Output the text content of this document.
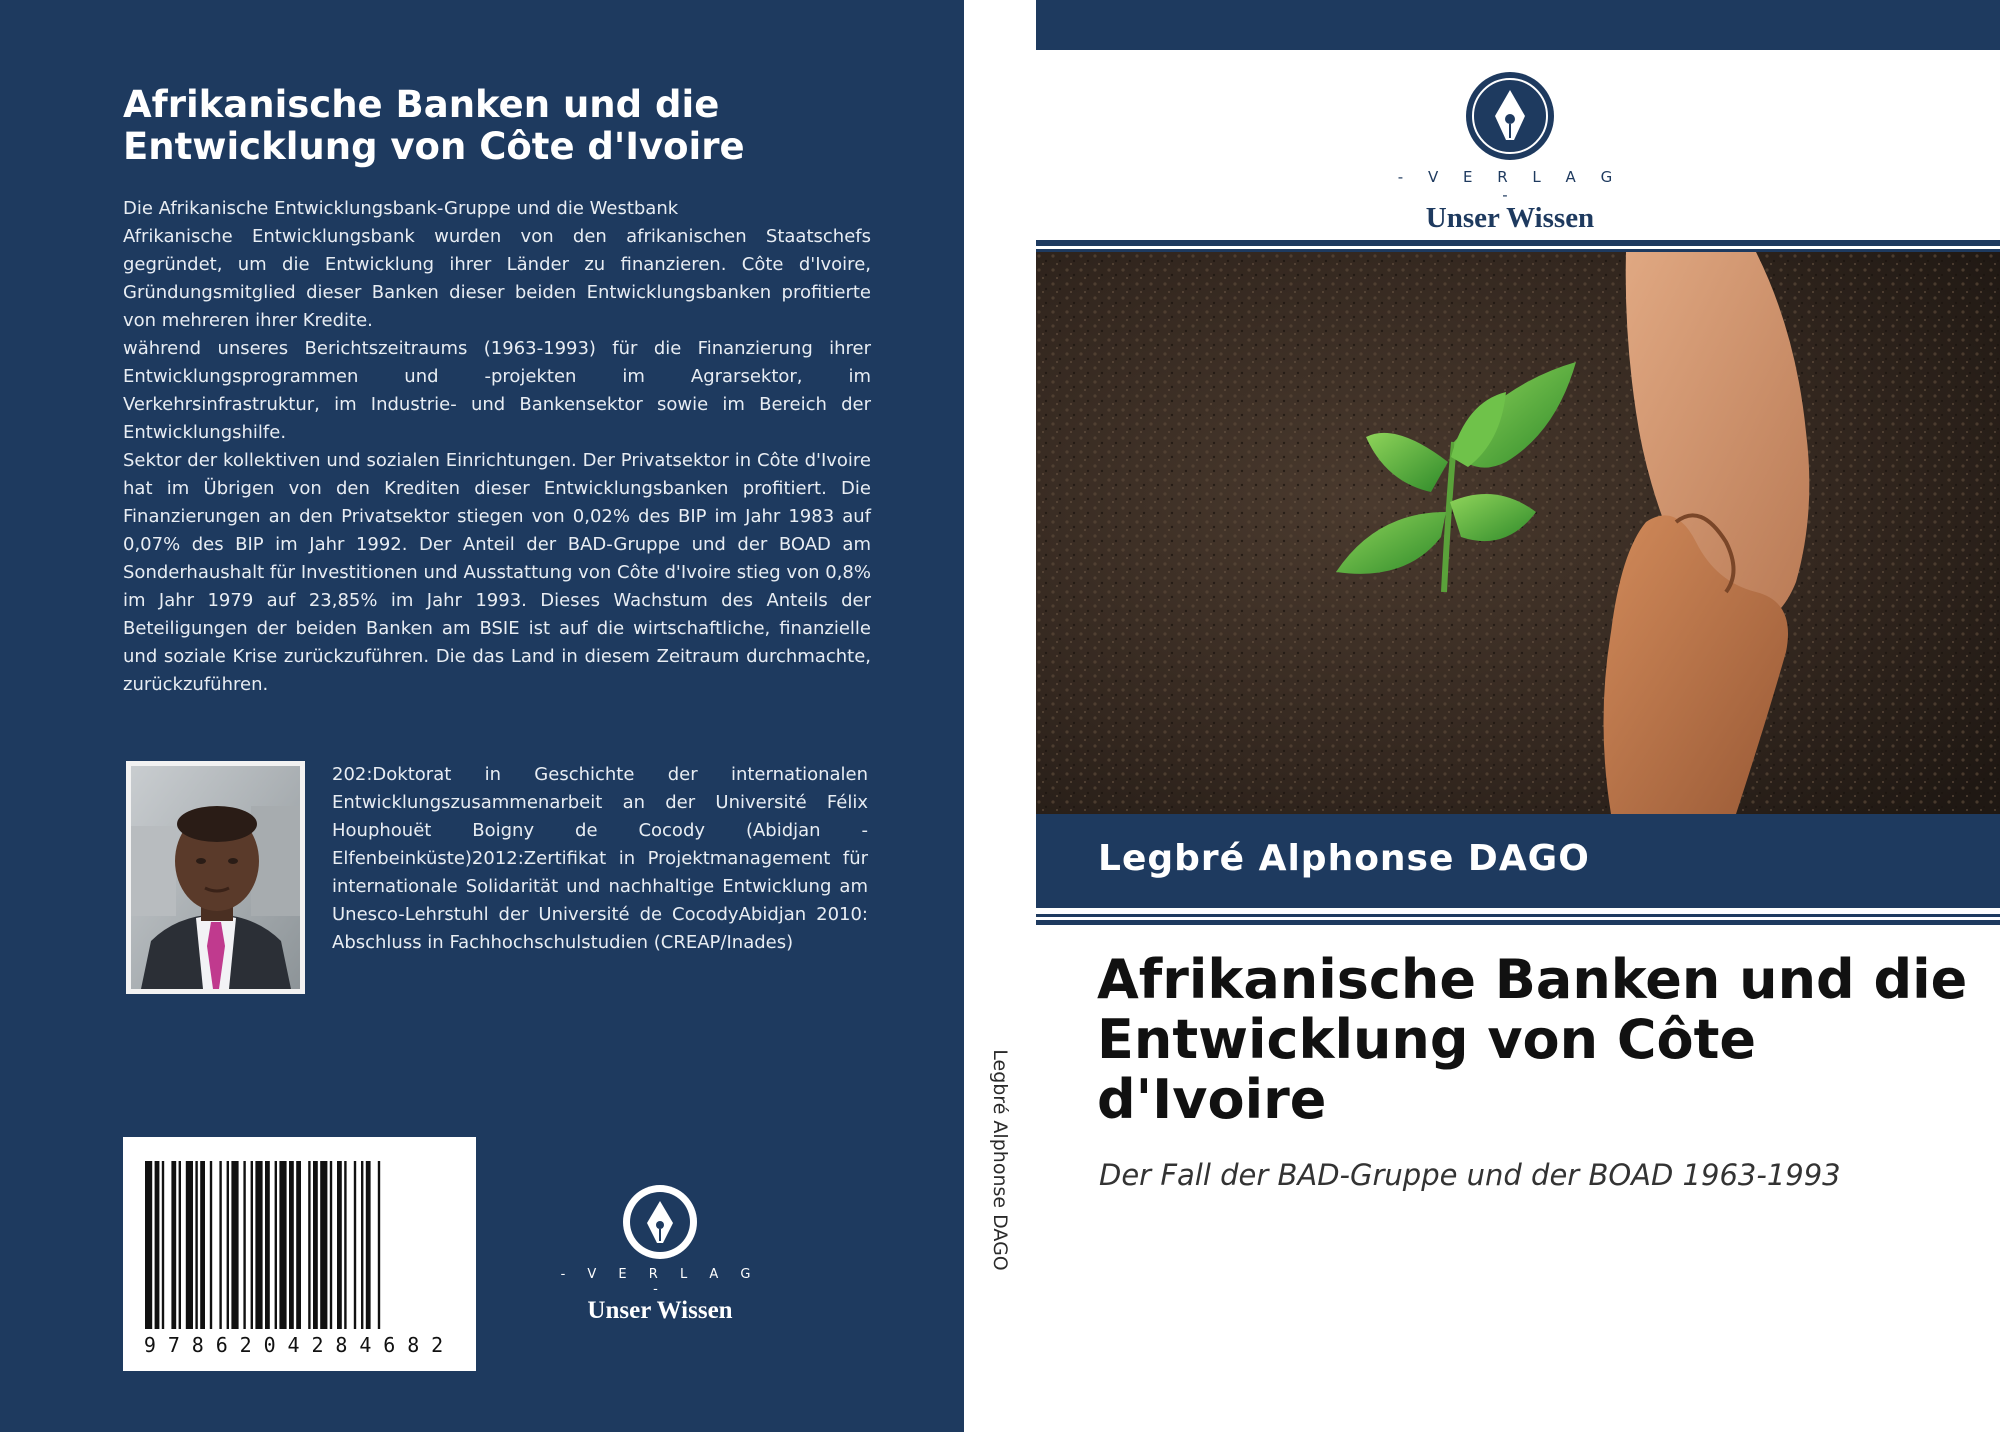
Afrikanische Banken und die Entwicklung von Côte d'Ivoire

Die Afrikanische Entwicklungsbank-Gruppe und die Westbank

Afrikanische Entwicklungsbank wurden von den afrikanischen Staatschefs gegründet, um die Entwicklung ihrer Länder zu finanzieren. Côte d'Ivoire, Gründungsmitglied dieser Banken dieser beiden Entwicklungsbanken profitierte von mehreren ihrer Kredite.

während unseres Berichtszeitraums (1963-1993) für die Finanzierung ihrer Entwicklungsprogrammen und -projekten im Agrarsektor, im Verkehrsinfrastruktur, im Industrie- und Bankensektor sowie im Bereich der Entwicklungshilfe.

Sektor der kollektiven und sozialen Einrichtungen. Der Privatsektor in Côte d'Ivoire hat im Übrigen von den Krediten dieser Entwicklungsbanken profitiert. Die Finanzierungen an den Privatsektor stiegen von 0,02% des BIP im Jahr 1983 auf 0,07% des BIP im Jahr 1992. Der Anteil der BAD-Gruppe und der BOAD am Sonderhaushalt für Investitionen und Ausstattung von Côte d'Ivoire stieg von 0,8% im Jahr 1979 auf 23,85% im Jahr 1993. Dieses Wachstum des Anteils der Beteiligungen der beiden Banken am BSIE ist auf die wirtschaftliche, finanzielle und soziale Krise zurückzuführen. Die das Land in diesem Zeitraum durchmachte, zurückzuführen.

202:Doktorat in Geschichte der internationalen Entwicklungszusammenarbeit an der Université Félix Houphouët Boigny de Cocody (Abidjan - Elfenbeinküste)2012:Zertifikat in Projektmanagement für internationale Solidarität und nachhaltige Entwicklung am Unesco-Lehrstuhl der Université de CocodyAbidjan 2010: Abschluss in Fachhochschulstudien (CREAP/Inades)
9786204284682
- V E R L A G -
Unser Wissen
Legbré Alphonse DAGO
- V E R L A G -
Unser Wissen
Legbré Alphonse DAGO
Afrikanische Banken und die Entwicklung von Côte d'Ivoire
Der Fall der BAD-Gruppe und der BOAD 1963-1993
